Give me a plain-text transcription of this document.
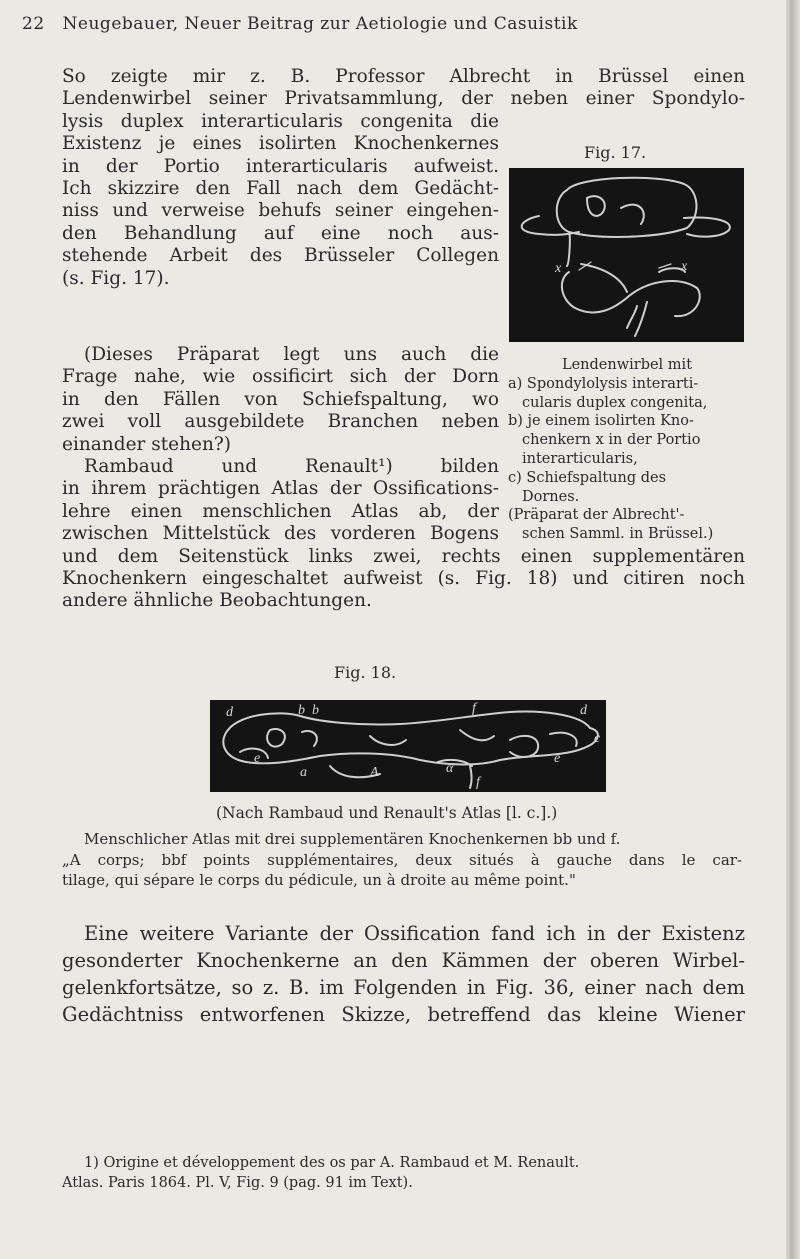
22 Neugebauer, Neuer Beitrag zur Aetiologie und Casuistik
So zeigte mir z. B. Professor Albrecht in Brüssel einen
Lendenwirbel seiner Privatsammlung, der neben einer Spondylo-
lysis duplex interarticularis congenita die
Existenz je eines isolirten Knochenkernes
in der Portio interarticularis aufweist.
Ich skizzire den Fall nach dem Gedächt-
niss und verweise behufs seiner eingehen-
den Behandlung auf eine noch aus-
stehende Arbeit des Brüsseler Collegen
(s. Fig. 17).
(Dieses Präparat legt uns auch die
Frage nahe, wie ossificirt sich der Dorn
in den Fällen von Schiefspaltung, wo
zwei voll ausgebildete Branchen neben
einander stehen?)
Rambaud und Renault¹) bilden
in ihrem prächtigen Atlas der Ossifications-
lehre einen menschlichen Atlas ab, der
zwischen Mittelstück des vorderen Bogens
und dem Seitenstück links zwei, rechts einen supplementären
Knochenkern eingeschaltet aufweist (s. Fig. 18) und citiren noch
andere ähnliche Beobachtungen.
Fig. 17.
x	x
Lendenwirbel mit
a) Spondylolysis interarti-
cularis duplex congenita,
b) je einem isolirten Kno-
chenkern x in der Portio
interarticularis,
c) Schiefspaltung des
Dornes.
(Präparat der Albrecht'-
schen Samml. in Brüssel.)
Fig. 18.
d	b b	f	d
c
e
a	A	α
e
f
(Nach Rambaud und Renault's Atlas [l. c.].)
Menschlicher Atlas mit drei supplementären Knochenkernen bb und f.
„A corps; bbf points supplémentaires, deux situés à gauche dans le car-
tilage, qui sépare le corps du pédicule, un à droite au même point."
Eine weitere Variante der Ossification fand ich in der Existenz
gesonderter Knochenkerne an den Kämmen der oberen Wirbel-
gelenkfortsätze, so z. B. im Folgenden in Fig. 36, einer nach dem
Gedächtniss entworfenen Skizze, betreffend das kleine Wiener
1) Origine et développement des os par A. Rambaud et M. Renault.
Atlas. Paris 1864. Pl. V, Fig. 9 (pag. 91 im Text).
